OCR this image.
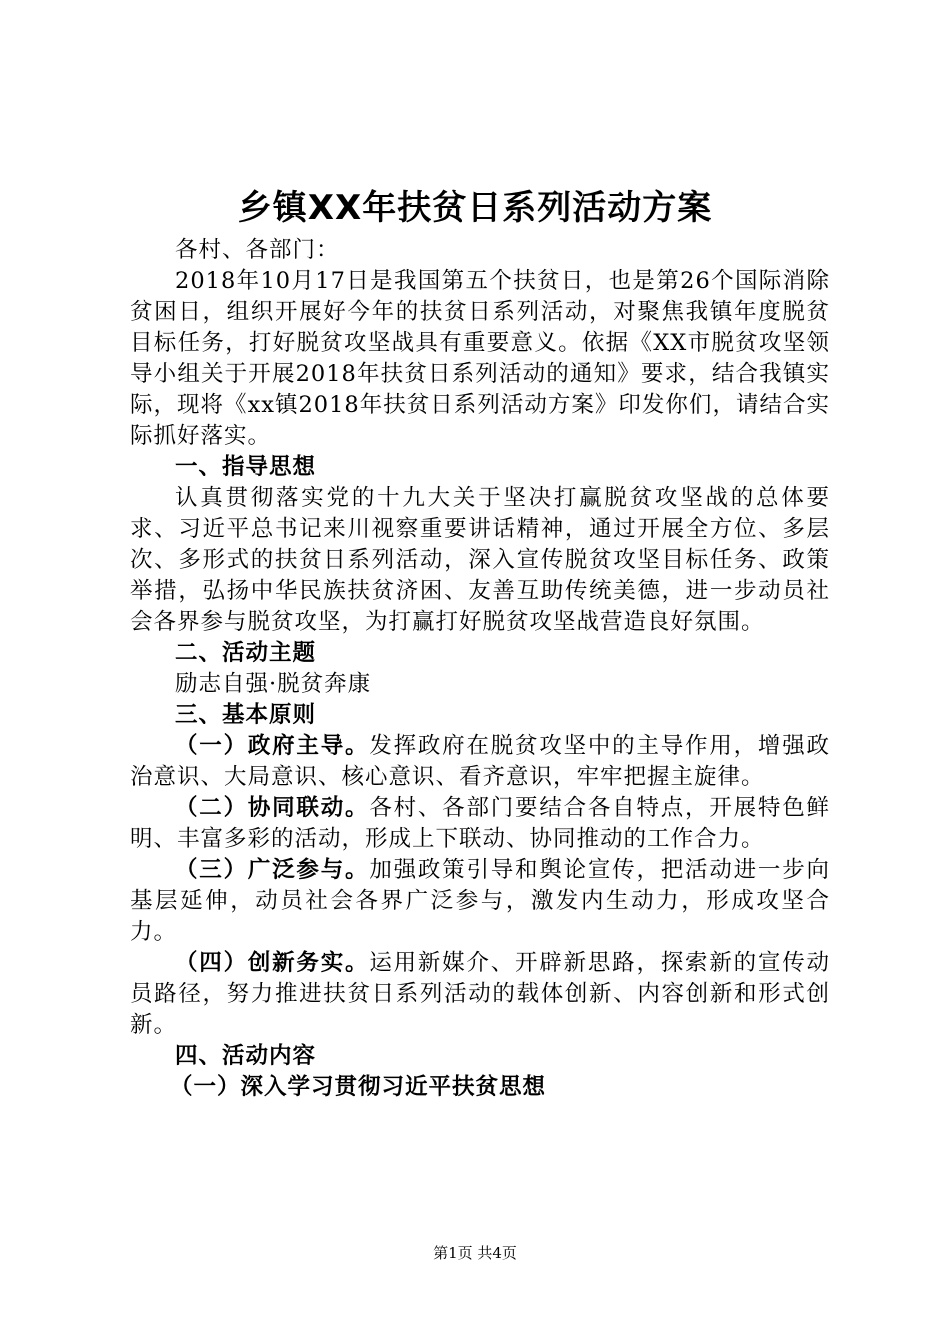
乡镇XX年扶贫日系列活动方案

各村、各部门：

2018年10月17日是我国第五个扶贫日，也是第26个国际消除贫困日，组织开展好今年的扶贫日系列活动，对聚焦我镇年度脱贫目标任务，打好脱贫攻坚战具有重要意义。依据《XX市脱贫攻坚领导小组关于开展2018年扶贫日系列活动的通知》要求，结合我镇实际，现将《xx镇2018年扶贫日系列活动方案》印发你们，请结合实际抓好落实。

一、指导思想

认真贯彻落实党的十九大关于坚决打赢脱贫攻坚战的总体要求、习近平总书记来川视察重要讲话精神，通过开展全方位、多层次、多形式的扶贫日系列活动，深入宣传脱贫攻坚目标任务、政策举措，弘扬中华民族扶贫济困、友善互助传统美德，进一步动员社会各界参与脱贫攻坚，为打赢打好脱贫攻坚战营造良好氛围。

二、活动主题

励志自强·脱贫奔康

三、基本原则

（一）政府主导。发挥政府在脱贫攻坚中的主导作用，增强政治意识、大局意识、核心意识、看齐意识，牢牢把握主旋律。

（二）协同联动。各村、各部门要结合各自特点，开展特色鲜明、丰富多彩的活动，形成上下联动、协同推动的工作合力。

（三）广泛参与。加强政策引导和舆论宣传，把活动进一步向基层延伸，动员社会各界广泛参与，激发内生动力，形成攻坚合力。

（四）创新务实。运用新媒介、开辟新思路，探索新的宣传动员路径，努力推进扶贫日系列活动的载体创新、内容创新和形式创新。

四、活动内容

（一）深入学习贯彻习近平扶贫思想

第1页 共4页
